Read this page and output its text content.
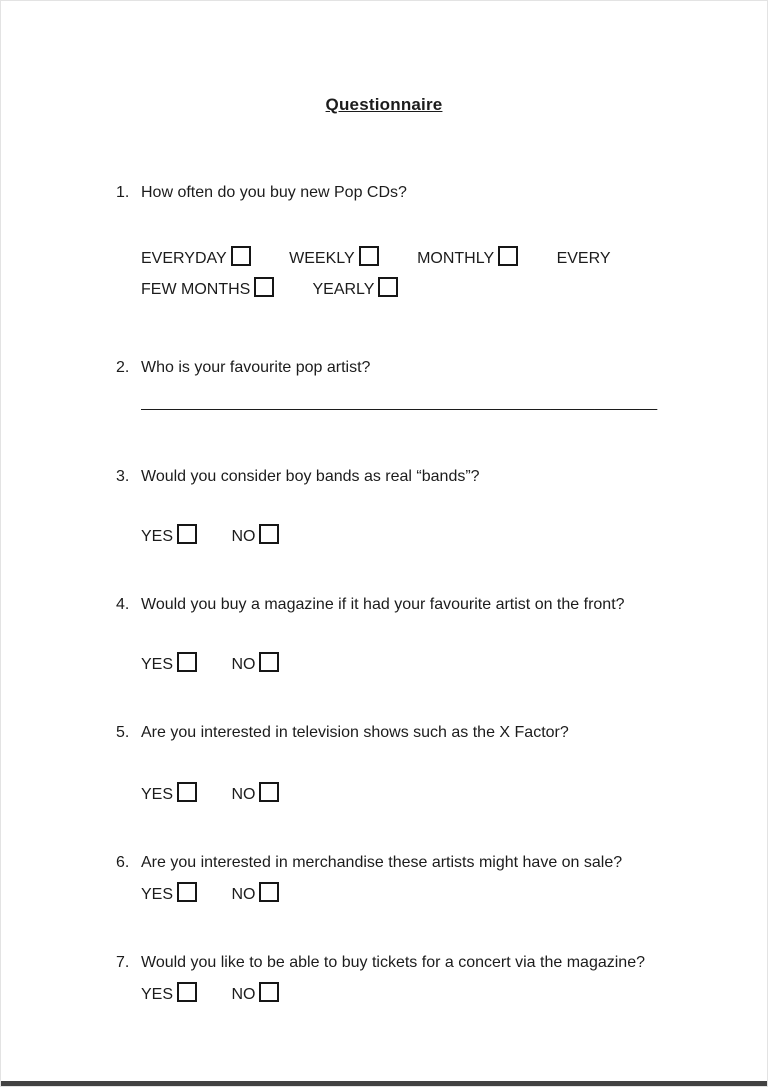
Questionnaire
1. How often do you buy new Pop CDs?
EVERYDAY	WEEKLY	MONTHLY	EVERY FEW MONTHS	YEARLY
2. Who is your favourite pop artist?
__________________________________________________________
3. Would you consider boy bands as real “bands”?
YES	NO
4. Would you buy a magazine if it had your favourite artist on the front?
YES	NO
5. Are you interested in television shows such as the X Factor?
YES	NO
6. Are you interested in merchandise these artists might have on sale?
YES	NO
7. Would you like to be able to buy tickets for a concert via the magazine?
YES	NO
